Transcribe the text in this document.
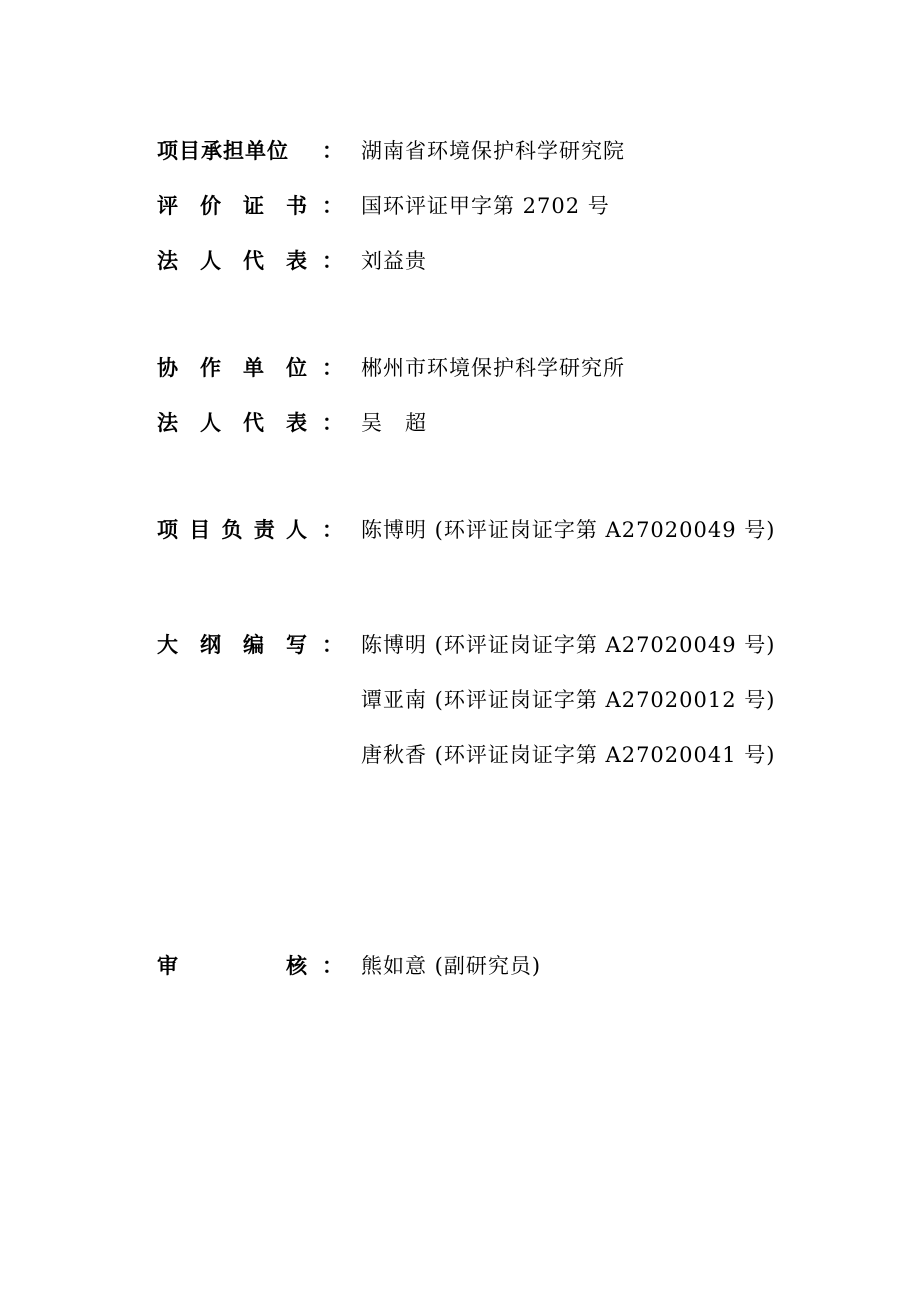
项目承担单位 ： 湖南省环境保护科学研究院
评 价 证 书 ： 国环评证甲字第 2702 号
法 人 代 表 ： 刘益贵
协 作 单 位 ： 郴州市环境保护科学研究所
法 人 代 表 ： 吴　超
项 目 负 责 人 ： 陈博明 (环评证岗证字第 A27020049 号)
大 纲 编 写 ： 陈博明 (环评证岗证字第 A27020049 号)
谭亚南 (环评证岗证字第 A27020012 号)
唐秋香 (环评证岗证字第 A27020041 号)
审	核 ： 熊如意 (副研究员)
